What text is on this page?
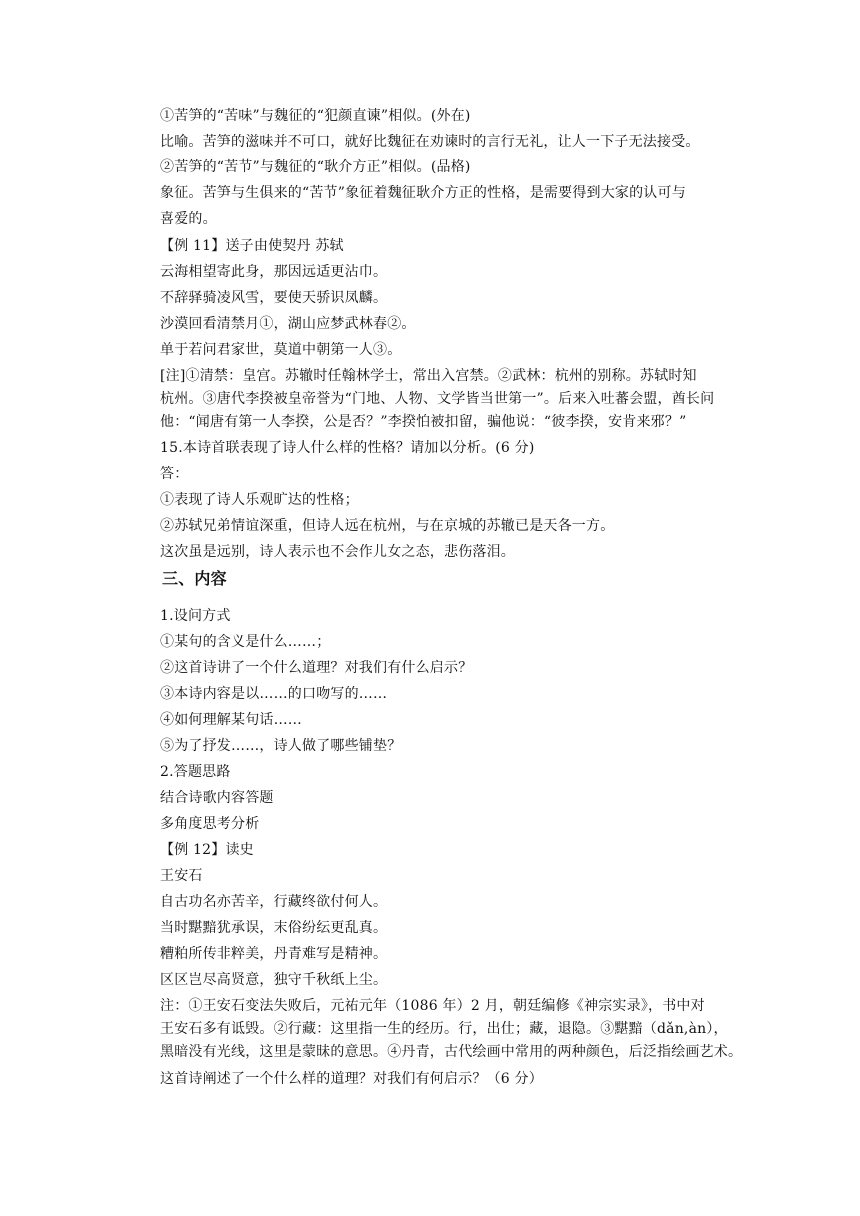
①苦笋的“苦味”与魏征的“犯颜直谏”相似。(外在)
比喻。苦笋的滋味并不可口，就好比魏征在劝谏时的言行无礼，让人一下子无法接受。
②苦笋的“苦节”与魏征的“耿介方正”相似。(品格)
象征。苦笋与生俱来的“苦节”象征着魏征耿介方正的性格，是需要得到大家的认可与
喜爱的。
【例 11】送子由使契丹 苏轼
云海相望寄此身，那因远适更沾巾。
不辞驿骑凌风雪，要使天骄识凤麟。
沙漠回看清禁月①，湖山应梦武林春②。
单于若问君家世，莫道中朝第一人③。
[注]①清禁：皇宫。苏辙时任翰林学士，常出入宫禁。②武林：杭州的别称。苏轼时知
杭州。③唐代李揆被皇帝誉为“门地、人物、文学皆当世第一”。后来入吐蕃会盟，酋长问
他：“闻唐有第一人李揆，公是否？”李揆怕被扣留，骗他说：“彼李揆，安肯来邪？”
15.本诗首联表现了诗人什么样的性格？请加以分析。(6 分)
答：
①表现了诗人乐观旷达的性格；
②苏轼兄弟情谊深重，但诗人远在杭州，与在京城的苏辙已是天各一方。
这次虽是远别，诗人表示也不会作儿女之态，悲伤落泪。
三、内容
1.设问方式
①某句的含义是什么……；
②这首诗讲了一个什么道理？对我们有什么启示？
③本诗内容是以……的口吻写的……
④如何理解某句话……
⑤为了抒发……，诗人做了哪些铺垫？
2.答题思路
结合诗歌内容答题
多角度思考分析
【例 12】读史
王安石
自古功名亦苦辛，行藏终欲付何人。
当时黮黯犹承误，末俗纷纭更乱真。
糟粕所传非粹美，丹青难写是精神。
区区岂尽高贤意，独守千秋纸上尘。
注：①王安石变法失败后，元祐元年（1086 年）2 月，朝廷编修《神宗实录》，书中对
王安石多有诋毁。②行藏：这里指一生的经历。行，出仕；藏，退隐。③黮黯（dǎn,àn），
黑暗没有光线，这里是蒙昧的意思。④丹青，古代绘画中常用的两种颜色，后泛指绘画艺术。
这首诗阐述了一个什么样的道理？对我们有何启示？（6 分）
